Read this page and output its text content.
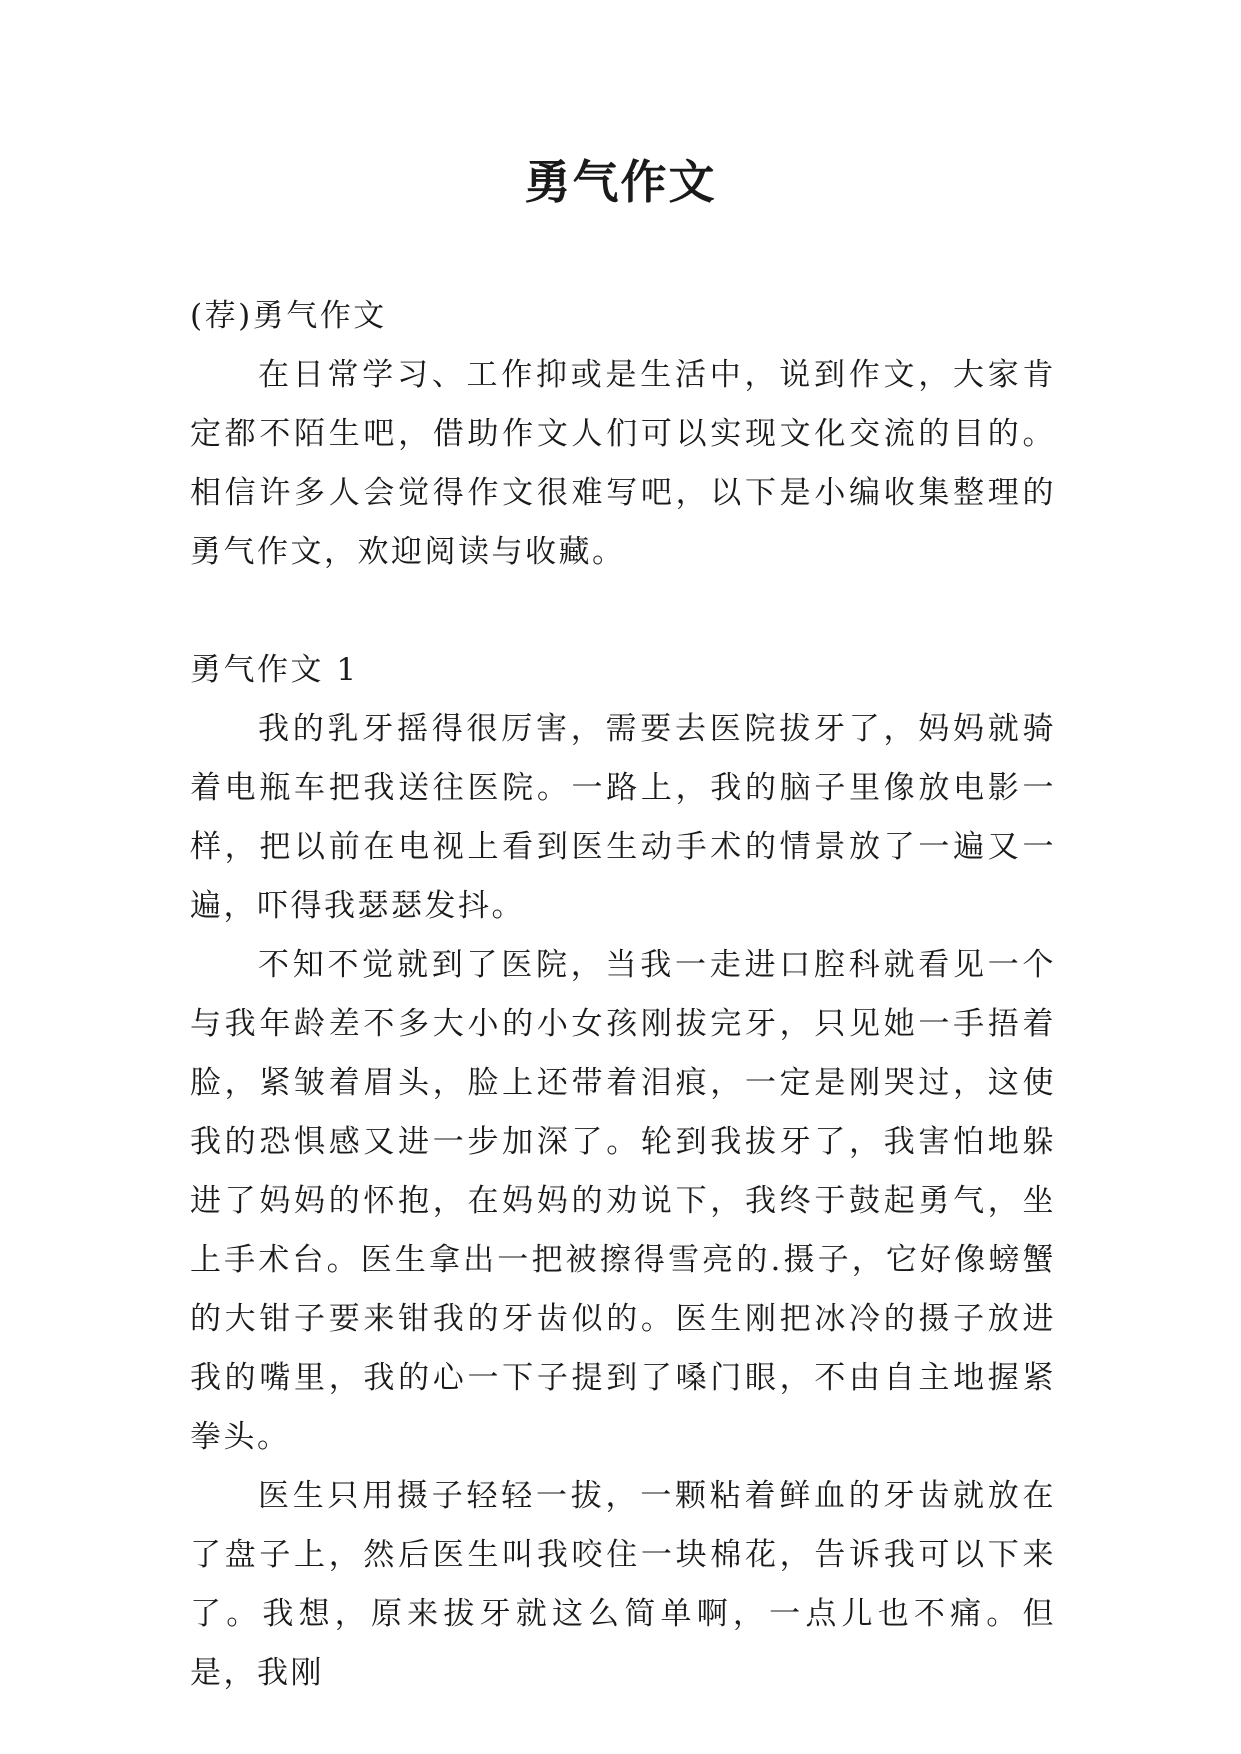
勇气作文

(荐)勇气作文

在日常学习、工作抑或是生活中，说到作文，大家肯定都不陌生吧，借助作文人们可以实现文化交流的目的。相信许多人会觉得作文很难写吧，以下是小编收集整理的勇气作文，欢迎阅读与收藏。

勇气作文 1

我的乳牙摇得很厉害，需要去医院拔牙了，妈妈就骑着电瓶车把我送往医院。一路上，我的脑子里像放电影一样，把以前在电视上看到医生动手术的情景放了一遍又一遍，吓得我瑟瑟发抖。

不知不觉就到了医院，当我一走进口腔科就看见一个与我年龄差不多大小的小女孩刚拔完牙，只见她一手捂着脸，紧皱着眉头，脸上还带着泪痕，一定是刚哭过，这使我的恐惧感又进一步加深了。轮到我拔牙了，我害怕地躲进了妈妈的怀抱，在妈妈的劝说下，我终于鼓起勇气，坐上手术台。医生拿出一把被擦得雪亮的.摄子，它好像螃蟹的大钳子要来钳我的牙齿似的。医生刚把冰冷的摄子放进我的嘴里，我的心一下子提到了嗓门眼，不由自主地握紧拳头。

医生只用摄子轻轻一拔，一颗粘着鲜血的牙齿就放在了盘子上，然后医生叫我咬住一块棉花，告诉我可以下来了。我想，原来拔牙就这么简单啊，一点儿也不痛。但是，我刚
